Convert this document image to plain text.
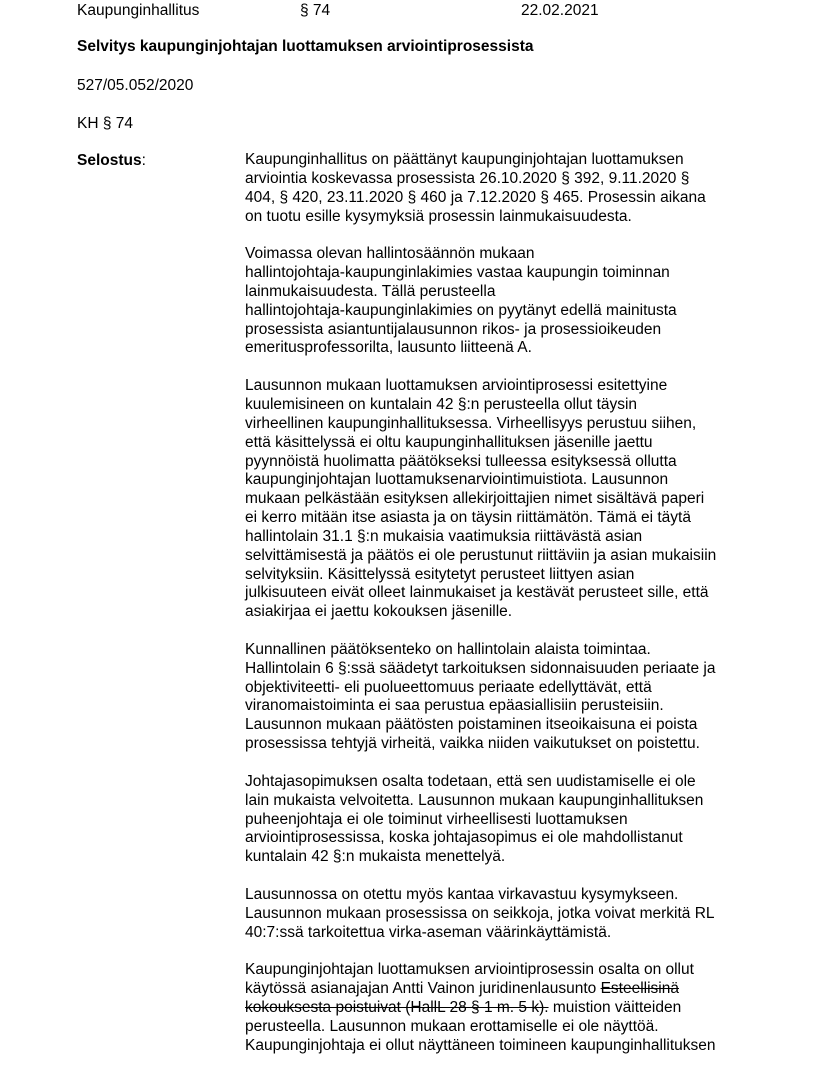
Kaupunginhallitus	§ 74	22.02.2021
Selvitys kaupunginjohtajan luottamuksen arviointiprosessista
527/05.052/2020
KH § 74
Selostus:	Kaupunginhallitus on päättänyt kaupunginjohtajan luottamuksen
arviointia koskevassa prosessista 26.10.2020 § 392, 9.11.2020 §
404, § 420, 23.11.2020 § 460 ja 7.12.2020 § 465. Prosessin aikana
on tuotu esille kysymyksiä prosessin lainmukaisuudesta.

Voimassa olevan hallintosäännön mukaan
hallintojohtaja-kaupunginlakimies vastaa kaupungin toiminnan
lainmukaisuudesta. Tällä perusteella
hallintojohtaja-kaupunginlakimies on pyytänyt edellä mainitusta
prosessista asiantuntijalausunnon rikos- ja prosessioikeuden
emeritusprofessorilta, lausunto liitteenä A.

Lausunnon mukaan luottamuksen arviointiprosessi esitettyine
kuulemisineen on kuntalain 42 §:n perusteella ollut täysin
virheellinen kaupunginhallituksessa. Virheellisyys perustuu siihen,
että käsittelyssä ei oltu kaupunginhallituksen jäsenille jaettu
pyynnöistä huolimatta päätökseksi tulleessa esityksessä ollutta
kaupunginjohtajan luottamuksenarviointimuistiota. Lausunnon
mukaan pelkästään esityksen allekirjoittajien nimet sisältävä paperi
ei kerro mitään itse asiasta ja on täysin riittämätön. Tämä ei täytä
hallintolain 31.1 §:n mukaisia vaatimuksia riittävästä asian
selvittämisestä ja päätös ei ole perustunut riittäviin ja asian mukaisiin
selvityksiin. Käsittelyssä esitytetyt perusteet liittyen asian
julkisuuteen eivät olleet lainmukaiset ja kestävät perusteet sille, että
asiakirjaa ei jaettu kokouksen jäsenille.

Kunnallinen päätöksenteko on hallintolain alaista toimintaa.
Hallintolain 6 §:ssä säädetyt tarkoituksen sidonnaisuuden periaate ja
objektiviteetti- eli puolueettomuus periaate edellyttävät, että
viranomaistoiminta ei saa perustua epäasiallisiin perusteisiin.
Lausunnon mukaan päätösten poistaminen itseoikaisuna ei poista
prosessissa tehtyjä virheitä, vaikka niiden vaikutukset on poistettu.

Johtajasopimuksen osalta todetaan, että sen uudistamiselle ei ole
lain mukaista velvoitetta. Lausunnon mukaan kaupunginhallituksen
puheenjohtaja ei ole toiminut virheellisesti luottamuksen
arviointiprosessissa, koska johtajasopimus ei ole mahdollistanut
kuntalain 42 §:n mukaista menettelyä.

Lausunnossa on otettu myös kantaa virkavastuu kysymykseen.
Lausunnon mukaan prosessissa on seikkoja, jotka voivat merkitä RL
40:7:ssä tarkoitettua virka-aseman väärinkäyttämistä.

Kaupunginjohtajan luottamuksen arviointiprosessin osalta on ollut
käytössä asianajajan Antti Vainon juridinenlausunto Esteellisinä
kokouksesta poistuivat (HallL 28 § 1 m. 5 k). muistion väitteiden
perusteella. Lausunnon mukaan erottamiselle ei ole näyttöä.
Kaupunginjohtaja ei ollut näyttäneen toimineen kaupunginhallituksen
